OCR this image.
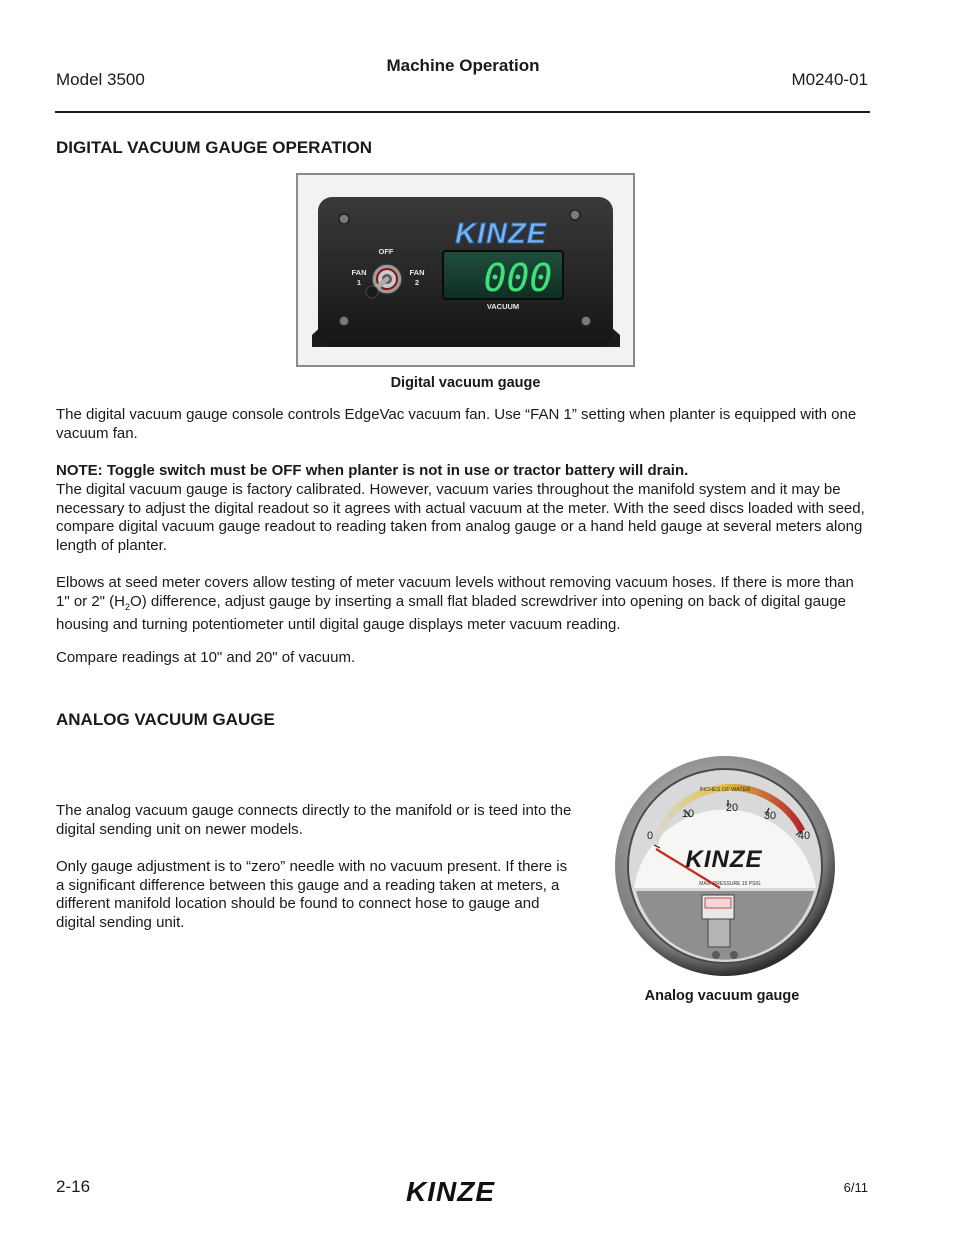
Model 3500
Machine Operation
M0240-01
DIGITAL VACUUM GAUGE OPERATION
KINZE
000
VACUUM
OFF
FAN
1
FAN
2
Digital vacuum gauge
The digital vacuum gauge console controls EdgeVac vacuum fan. Use “FAN 1” setting when planter is equipped with one vacuum fan.
NOTE: Toggle switch must be OFF when planter is not in use or tractor battery will drain.
The digital vacuum gauge is factory calibrated. However, vacuum varies throughout the manifold system and it may be necessary to adjust the digital readout so it agrees with actual vacuum at the meter. With the seed discs loaded with seed, compare digital vacuum gauge readout to reading taken from analog gauge or a hand held gauge at several meters along length of planter.
Elbows at seed meter covers allow testing of meter vacuum levels without removing vacuum hoses. If there is more than 1" or 2" $(H_2O)$ difference, adjust gauge by inserting a small flat bladed screwdriver into opening on back of digital gauge housing and turning potentiometer until digital gauge displays meter vacuum reading.
Compare readings at 10" and 20" of vacuum.
ANALOG VACUUM GAUGE
The analog vacuum gauge connects directly to the manifold or is teed into the digital sending unit on newer models.
Only gauge adjustment is to “zero” needle with no vacuum present. If there is a significant difference between this gauge and a reading taken at meters, a different manifold location should be found to connect hose to gauge and digital sending unit.
INCHES OF WATER
0
10	20
30
40
KINZE
MAX. PRESSURE 15 PSIG
Analog vacuum gauge
2-16	KINZE	6/11
